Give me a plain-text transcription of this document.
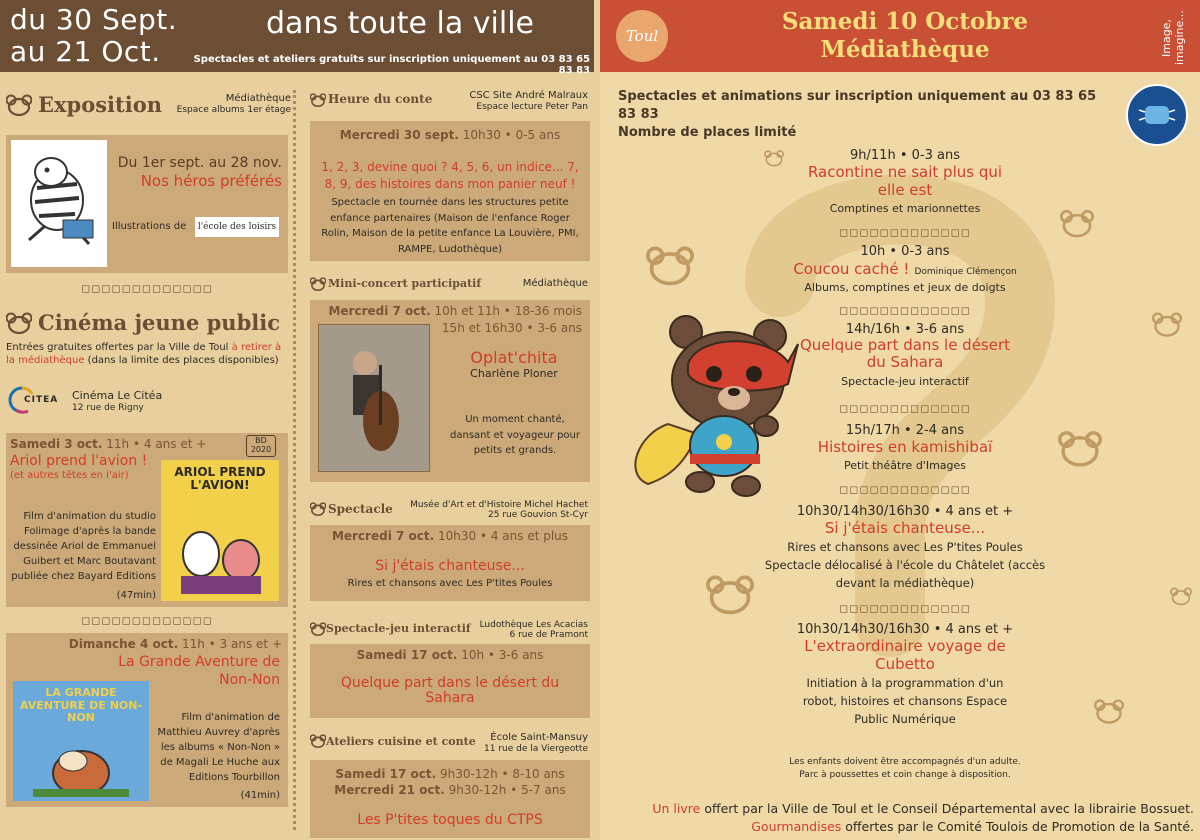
du 30 Sept.
au 21 Oct.
dans toute la ville
Spectacles et ateliers gratuits sur inscription uniquement au 03 83 65 83 83
Toul
Samedi 10 Octobre
Médiathèque	Image, imagine...
Exposition	Médiathèque
Espace albums 1er étage
Du 1er sept. au 28 nov.
Nos héros préférés
Illustrations de	l'école des loisirs
◻◻◻◻◻◻◻◻◻◻◻◻◻
Cinéma jeune public
Entrées gratuites offertes par la Ville de Toul à retirer à la médiathèque (dans la limite des places disponibles)
CITEA Cinéma Le Citéa
12 rue de Rigny
Samedi 3 oct. 11h • 4 ans et +	BD 2020
Ariol prend l'avion !
(et autres têtes en l'air)	ARIOL PREND L'AVION!
Film d'animation du studio Folimage d'après la bande dessinée Ariol de Emmanuel Guibert et Marc Boutavant publiée chez Bayard Editions
(47min)
◻◻◻◻◻◻◻◻◻◻◻◻◻
Dimanche 4 oct. 11h • 3 ans et +
La Grande Aventure de Non-Non
LA GRANDE AVENTURE DE NON-NON	Film d'animation de Matthieu Auvrey d'après les albums « Non-Non » de Magali Le Huche aux Editions Tourbillon
(41min)
Heure du conte	CSC Site André Malraux
Espace lecture Peter Pan
Mercredi 30 sept. 10h30 • 0-5 ans
1, 2, 3, devine quoi ? 4, 5, 6, un indice... 7, 8, 9, des histoires dans mon panier neuf !
Spectacle en tournée dans les structures petite enfance partenaires (Maison de l'enfance Roger Rolin, Maison de la petite enfance La Louvière, PMI, RAMPE, Ludothèque)
Mini-concert participatif	Médiathèque
Mercredi 7 oct. 10h et 11h • 18-36 mois
15h et 16h30 • 3-6 ans
Oplat'chita
Charlène Ploner
Un moment chanté, dansant et voyageur pour petits et grands.
Spectacle	Musée d'Art et d'Histoire Michel Hachet
25 rue Gouvion St-Cyr
Mercredi 7 oct. 10h30 • 4 ans et plus
Si j'étais chanteuse...
Rires et chansons avec Les P'tites Poules
Spectacle-jeu interactif Ludothèque Les Acacias
6 rue de Pramont
Samedi 17 oct. 10h • 3-6 ans
Quelque part dans le désert du Sahara
Ateliers cuisine et conte	École Saint-Mansuy
11 rue de la Viergeotte
Samedi 17 oct. 9h30-12h • 8-10 ans
Mercredi 21 oct. 9h30-12h • 5-7 ans
Les P'tites toques du CTPS
Spectacles et animations sur inscription uniquement au 03 83 65 83 83
Nombre de places limité
9h/11h • 0-3 ans
Racontine ne sait plus qui elle est
Comptines et marionnettes
◻◻◻◻◻◻◻◻◻◻◻◻◻
10h • 0-3 ans
Coucou caché ! Dominique Clémençon
Albums, comptines et jeux de doigts
◻◻◻◻◻◻◻◻◻◻◻◻◻
14h/16h • 3-6 ans
Quelque part dans le désert du Sahara
Spectacle-jeu interactif
◻◻◻◻◻◻◻◻◻◻◻◻◻
15h/17h • 2-4 ans
Histoires en kamishibaï
Petit théâtre d'Images
◻◻◻◻◻◻◻◻◻◻◻◻◻
10h30/14h30/16h30 • 4 ans et +
Si j'étais chanteuse...
Rires et chansons avec Les P'tites Poules Spectacle délocalisé à l'école du Châtelet (accès devant la médiathèque)
◻◻◻◻◻◻◻◻◻◻◻◻◻
10h30/14h30/16h30 • 4 ans et +
L'extraordinaire voyage de Cubetto
Initiation à la programmation d'un robot, histoires et chansons Espace Public Numérique
Les enfants doivent être accompagnés d'un adulte.
Parc à poussettes et coin change à disposition.
Un livre offert par la Ville de Toul et le Conseil Départemental avec la librairie Bossuet.
Gourmandises offertes par le Comité Toulois de Promotion de la Santé.
